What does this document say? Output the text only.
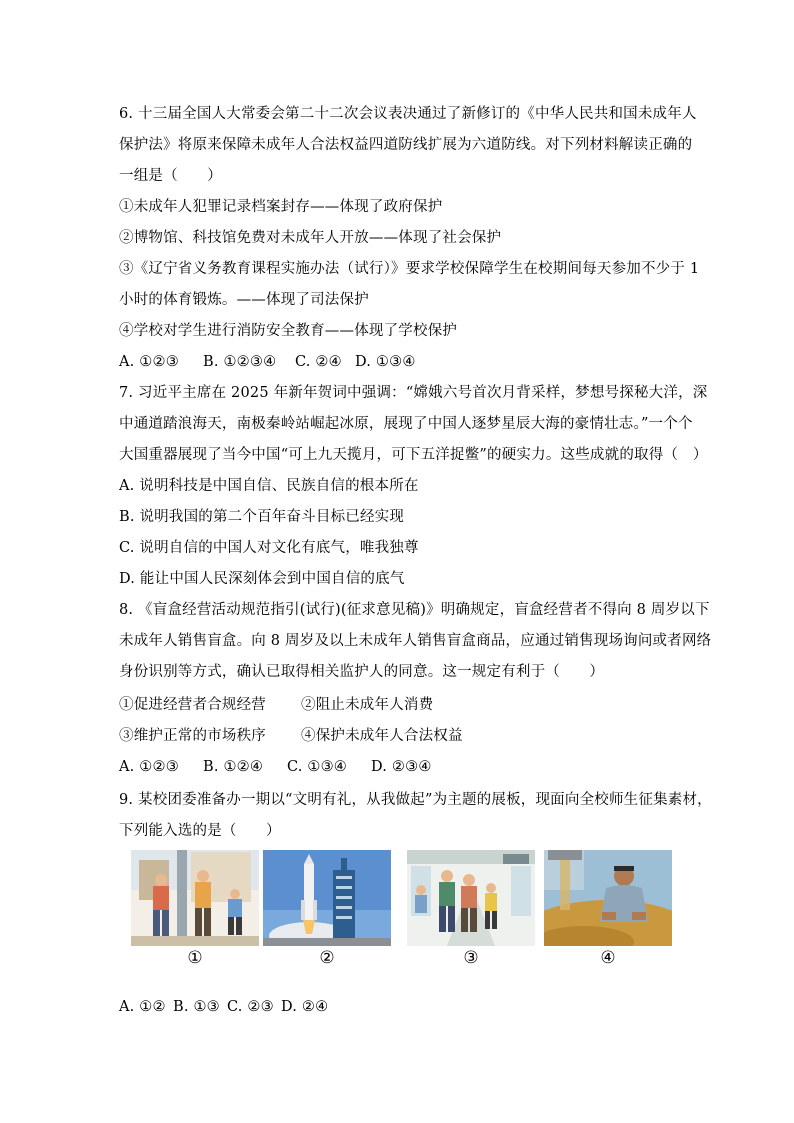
6. 十三届全国人大常委会第二十二次会议表决通过了新修订的《中华人民共和国未成年人
保护法》将原来保障未成年人合法权益四道防线扩展为六道防线。对下列材料解读正确的
一组是（　　）
①未成年人犯罪记录档案封存——体现了政府保护
②博物馆、科技馆免费对未成年人开放——体现了社会保护
③《辽宁省义务教育课程实施办法（试行）》要求学校保障学生在校期间每天参加不少于 1
小时的体育锻炼。——体现了司法保护
④学校对学生进行消防安全教育——体现了学校保护
A. ①②③ B. ①②③④ C. ②④ D. ①③④
7. 习近平主席在 2025 年新年贺词中强调：“嫦娥六号首次月背采样，梦想号探秘大洋，深
中通道踏浪海天，南极秦岭站崛起冰原，展现了中国人逐梦星辰大海的豪情壮志。”一个个
大国重器展现了当今中国“可上九天揽月，可下五洋捉鳖”的硬实力。这些成就的取得（　）
A. 说明科技是中国自信、民族自信的根本所在
B. 说明我国的第二个百年奋斗目标已经实现
C. 说明自信的中国人对文化有底气，唯我独尊
D. 能让中国人民深刻体会到中国自信的底气
8. 《盲盒经营活动规范指引(试行)(征求意见稿)》明确规定，盲盒经营者不得向 8 周岁以下
未成年人销售盲盒。向 8 周岁及以上未成年人销售盲盒商品，应通过销售现场询问或者网络
身份识别等方式，确认已取得相关监护人的同意。这一规定有利于（　　）
①促进经营者合规经营 ②阻止未成年人消费
③维护正常的市场秩序 ④保护未成年人合法权益
A. ①②③ B. ①②④ C. ①③④ D. ②③④
9. 某校团委准备办一期以“文明有礼，从我做起”为主题的展板，现面向全校师生征集素材，
下列能入选的是（　　）
①	②	③	④
A. ①② B. ①③ C. ②③ D. ②④
